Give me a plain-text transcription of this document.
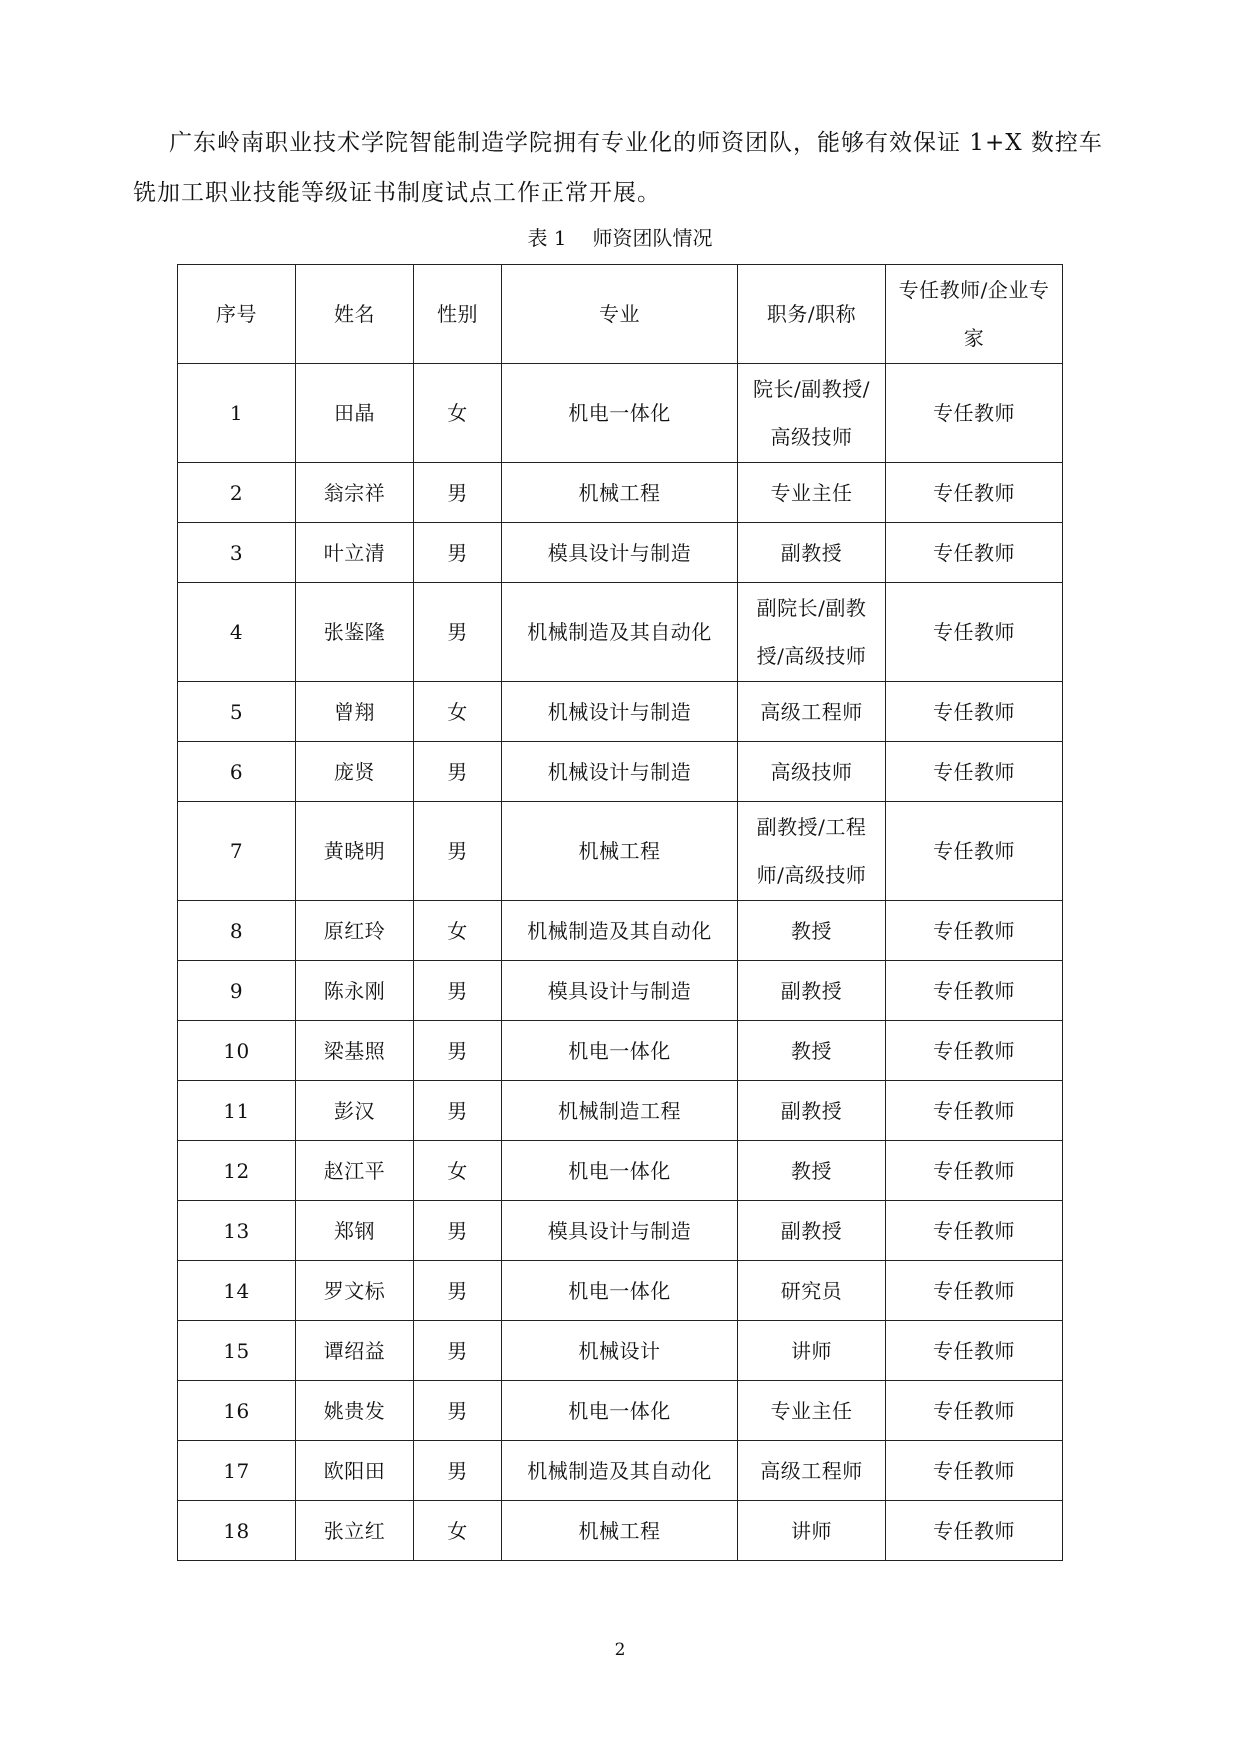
广东岭南职业技术学院智能制造学院拥有专业化的师资团队，能够有效保证 1+X 数控车铣加工职业技能等级证书制度试点工作正常开展。

表 1 师资团队情况
序号	姓名	性别	专业	职务/职称	专任教师/企业专家
1	田晶	女	机电一体化	院长/副教授/高级技师	专任教师
2	翁宗祥	男	机械工程	专业主任	专任教师
3	叶立清	男	模具设计与制造	副教授	专任教师
4	张鉴隆	男	机械制造及其自动化	副院长/副教授/高级技师	专任教师
5	曾翔	女	机械设计与制造	高级工程师	专任教师
6	庞贤	男	机械设计与制造	高级技师	专任教师
7	黄晓明	男	机械工程	副教授/工程师/高级技师	专任教师
8	原红玲	女	机械制造及其自动化	教授	专任教师
9	陈永刚	男	模具设计与制造	副教授	专任教师
10	梁基照	男	机电一体化	教授	专任教师
11	彭汉	男	机械制造工程	副教授	专任教师
12	赵江平	女	机电一体化	教授	专任教师
13	郑钢	男	模具设计与制造	副教授	专任教师
14	罗文标	男	机电一体化	研究员	专任教师
15	谭绍益	男	机械设计	讲师	专任教师
16	姚贵发	男	机电一体化	专业主任	专任教师
17	欧阳田	男	机械制造及其自动化	高级工程师	专任教师
18	张立红	女	机械工程	讲师	专任教师
2
